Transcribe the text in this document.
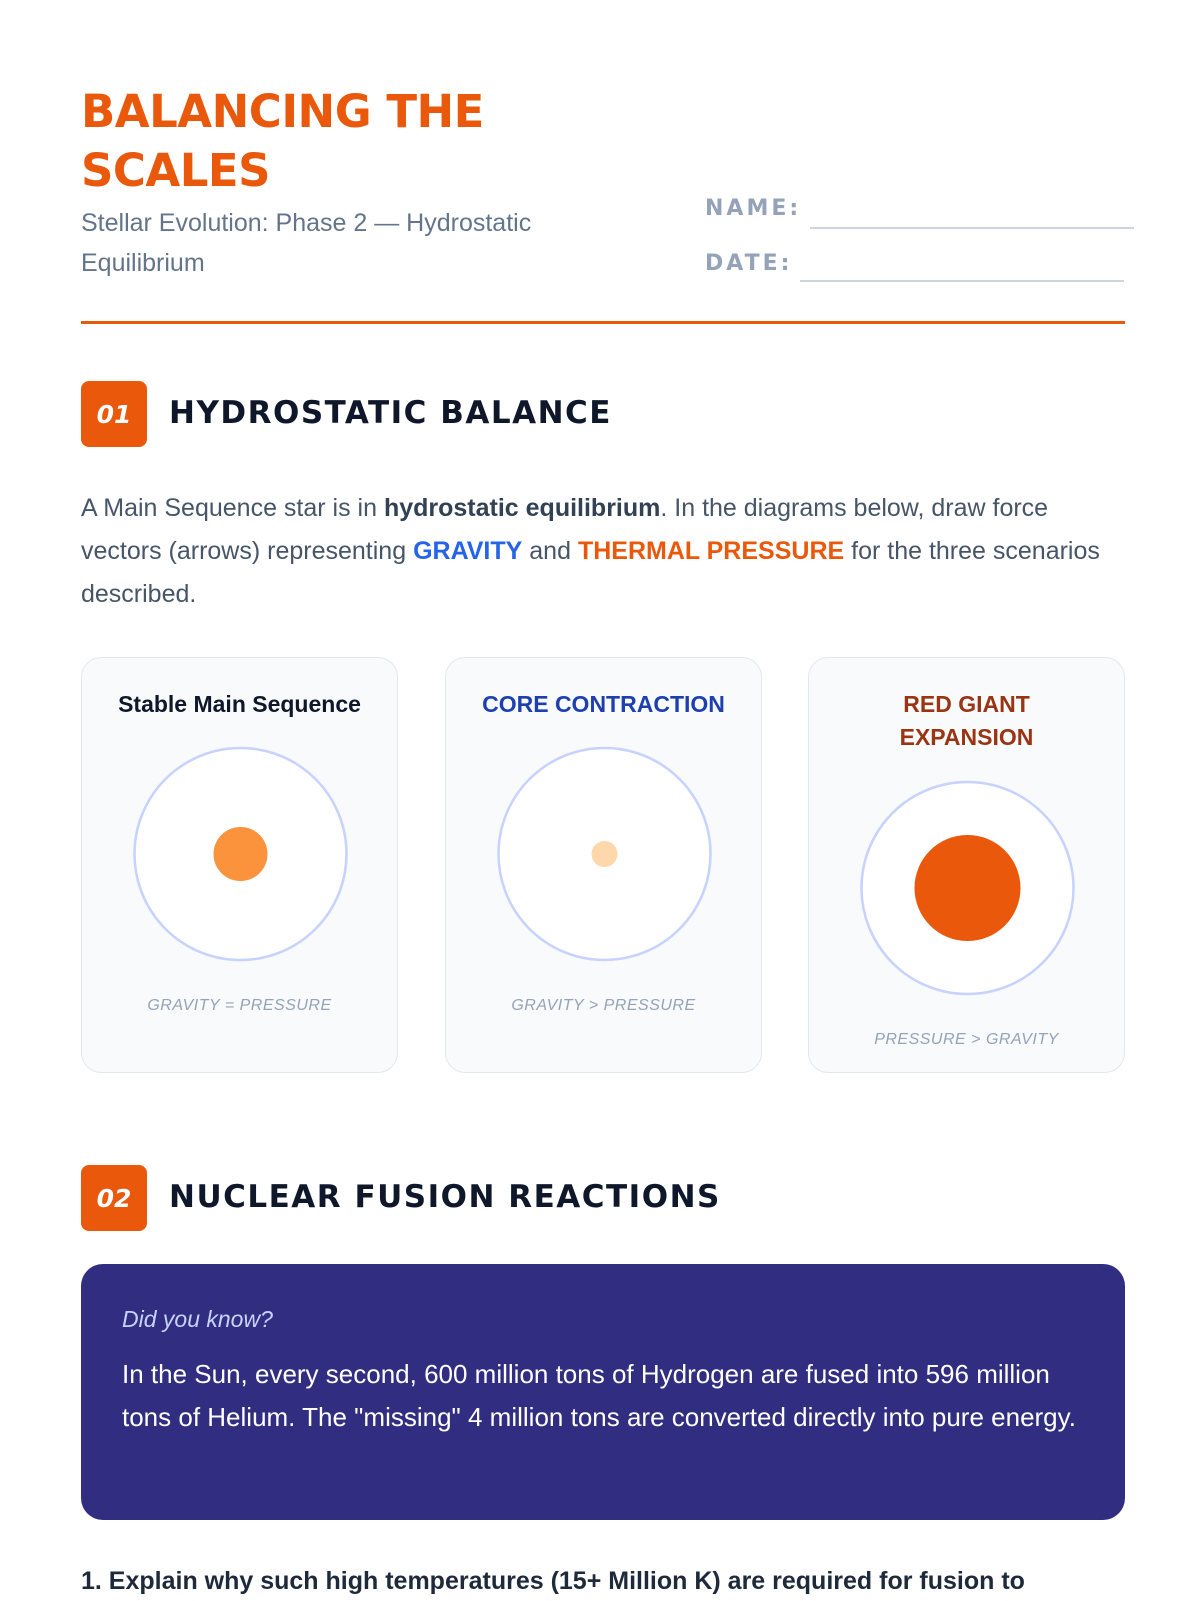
BALANCING THE SCALES

Stellar Evolution: Phase 2 — Hydrostatic Equilibrium

NAME:
DATE:
01	HYDROSTATIC BALANCE

A Main Sequence star is in hydrostatic equilibrium. In the diagrams below, draw force vectors (arrows) representing GRAVITY and THERMAL PRESSURE for the three scenarios described.

Stable Main Sequence
GRAVITY = PRESSURE
CORE CONTRACTION
GRAVITY > PRESSURE
RED GIANT EXPANSION
PRESSURE > GRAVITY
02	NUCLEAR FUSION REACTIONS

Did you know?

In the Sun, every second, 600 million tons of Hydrogen are fused into 596 million tons of Helium. The "missing" 4 million tons are converted directly into pure energy.

1. Explain why such high temperatures (15+ Million K) are required for fusion to
